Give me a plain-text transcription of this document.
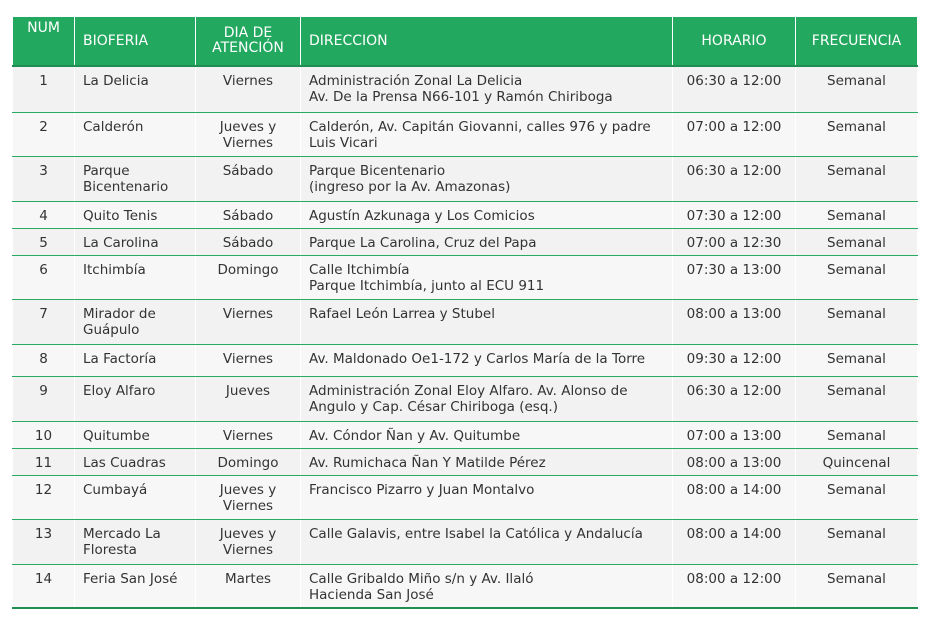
NUM	BIOFERIA	DIA DE
ATENCIÓN	DIRECCION	HORARIO	FRECUENCIA
1	La Delicia	Viernes	Administración Zonal La Delicia
Av. De la Prensa N66-101 y Ramón Chiriboga	06:30 a 12:00	Semanal
2	Calderón	Jueves y
Viernes	Calderón, Av. Capitán Giovanni, calles 976 y padre
Luis Vicari	07:00 a 12:00	Semanal
3	Parque
Bicentenario	Sábado	Parque Bicentenario
(ingreso por la Av. Amazonas)	06:30 a 12:00	Semanal
4	Quito Tenis	Sábado	Agustín Azkunaga y Los Comicios	07:30 a 12:00	Semanal
5	La Carolina	Sábado	Parque La Carolina, Cruz del Papa	07:00 a 12:30	Semanal
6	Itchimbía	Domingo	Calle Itchimbía
Parque Itchimbía, junto al ECU 911	07:30 a 13:00	Semanal
7	Mirador de
Guápulo	Viernes	Rafael León Larrea y Stubel	08:00 a 13:00	Semanal
8	La Factoría	Viernes	Av. Maldonado Oe1-172 y Carlos María de la Torre	09:30 a 12:00	Semanal
9	Eloy Alfaro	Jueves	Administración Zonal Eloy Alfaro. Av. Alonso de
Angulo y Cap. César Chiriboga (esq.)	06:30 a 12:00	Semanal
10	Quitumbe	Viernes	Av. Cóndor Ñan y Av. Quitumbe	07:00 a 13:00	Semanal
11	Las Cuadras	Domingo	Av. Rumichaca Ñan Y Matilde Pérez	08:00 a 13:00	Quincenal
12	Cumbayá	Jueves y
Viernes	Francisco Pizarro y Juan Montalvo	08:00 a 14:00	Semanal
13	Mercado La
Floresta	Jueves y
Viernes	Calle Galavis, entre Isabel la Católica y Andalucía	08:00 a 14:00	Semanal
14	Feria San José	Martes	Calle Gribaldo Miño s/n y Av. Ilaló
Hacienda San José	08:00 a 12:00	Semanal
